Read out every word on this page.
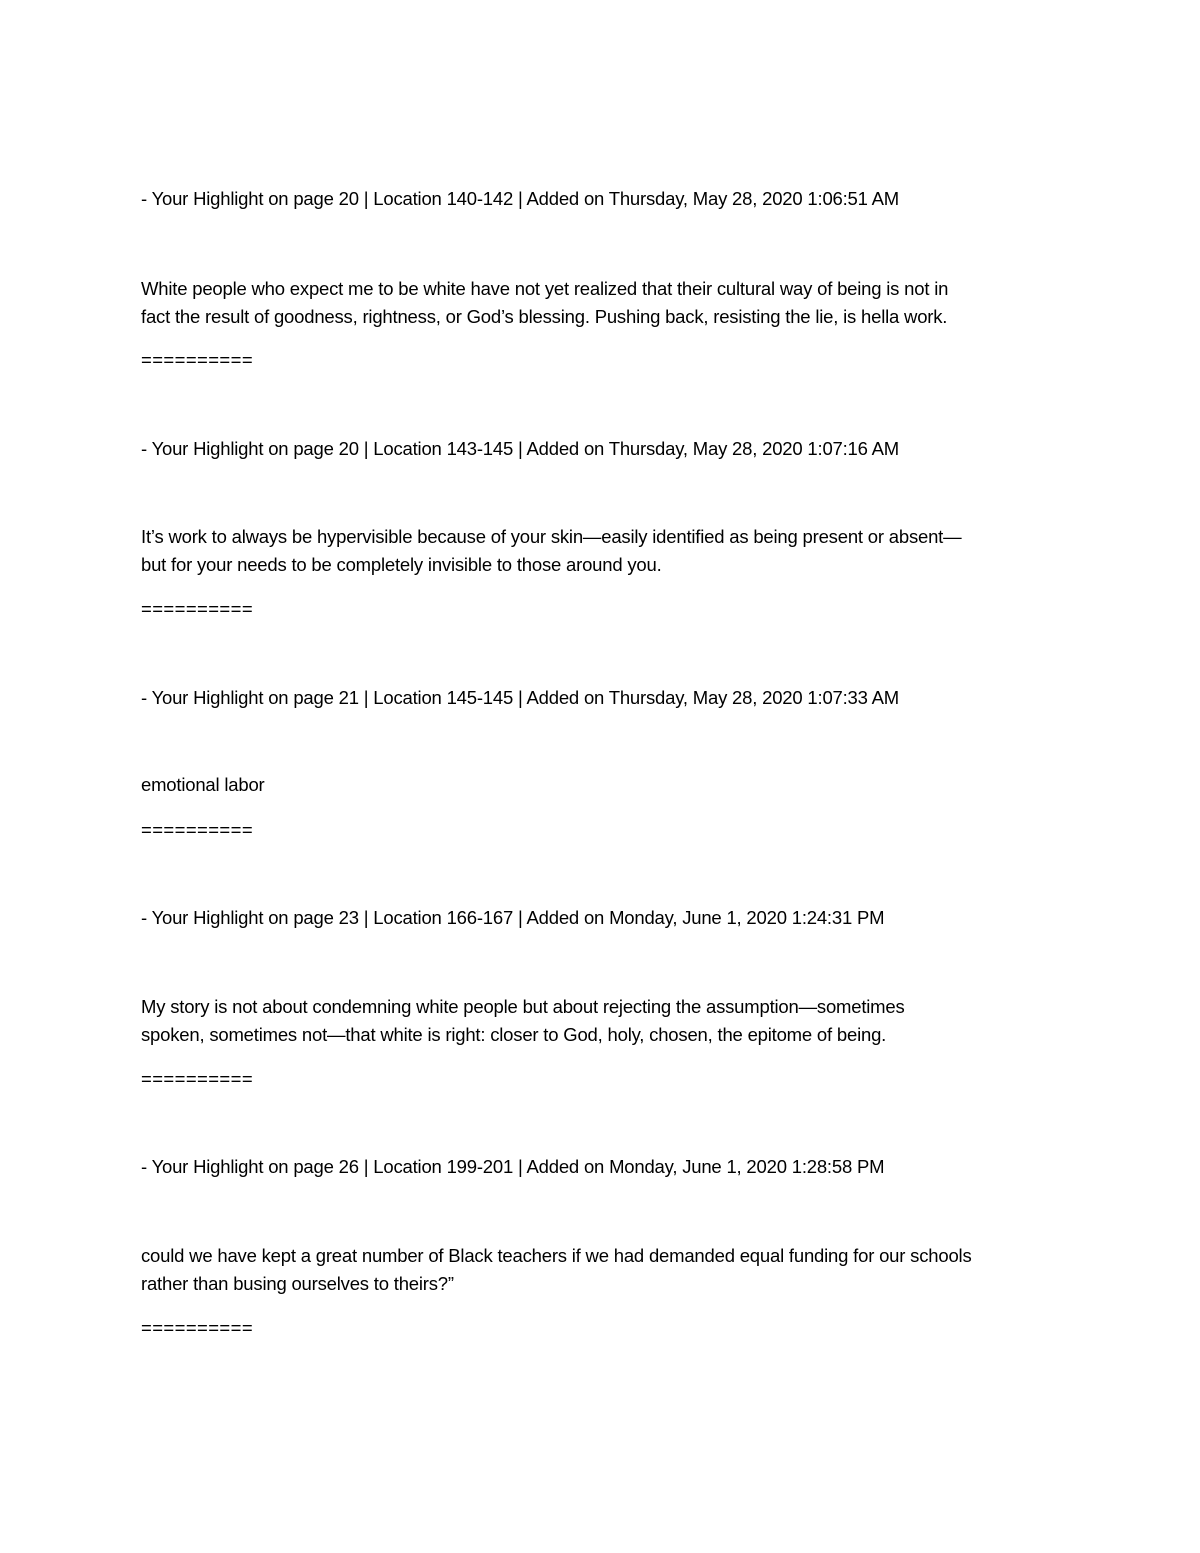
- Your Highlight on page 20 | Location 140-142 | Added on Thursday, May 28, 2020 1:06:51 AM
White people who expect me to be white have not yet realized that their cultural way of being is not in
fact the result of goodness, rightness, or God’s blessing. Pushing back, resisting the lie, is hella work.
==========
- Your Highlight on page 20 | Location 143-145 | Added on Thursday, May 28, 2020 1:07:16 AM
It’s work to always be hypervisible because of your skin—easily identified as being present or absent—
but for your needs to be completely invisible to those around you.
==========
- Your Highlight on page 21 | Location 145-145 | Added on Thursday, May 28, 2020 1:07:33 AM
emotional labor
==========
- Your Highlight on page 23 | Location 166-167 | Added on Monday, June 1, 2020 1:24:31 PM
My story is not about condemning white people but about rejecting the assumption—sometimes
spoken, sometimes not—that white is right: closer to God, holy, chosen, the epitome of being.
==========
- Your Highlight on page 26 | Location 199-201 | Added on Monday, June 1, 2020 1:28:58 PM
could we have kept a great number of Black teachers if we had demanded equal funding for our schools
rather than busing ourselves to theirs?”
==========
